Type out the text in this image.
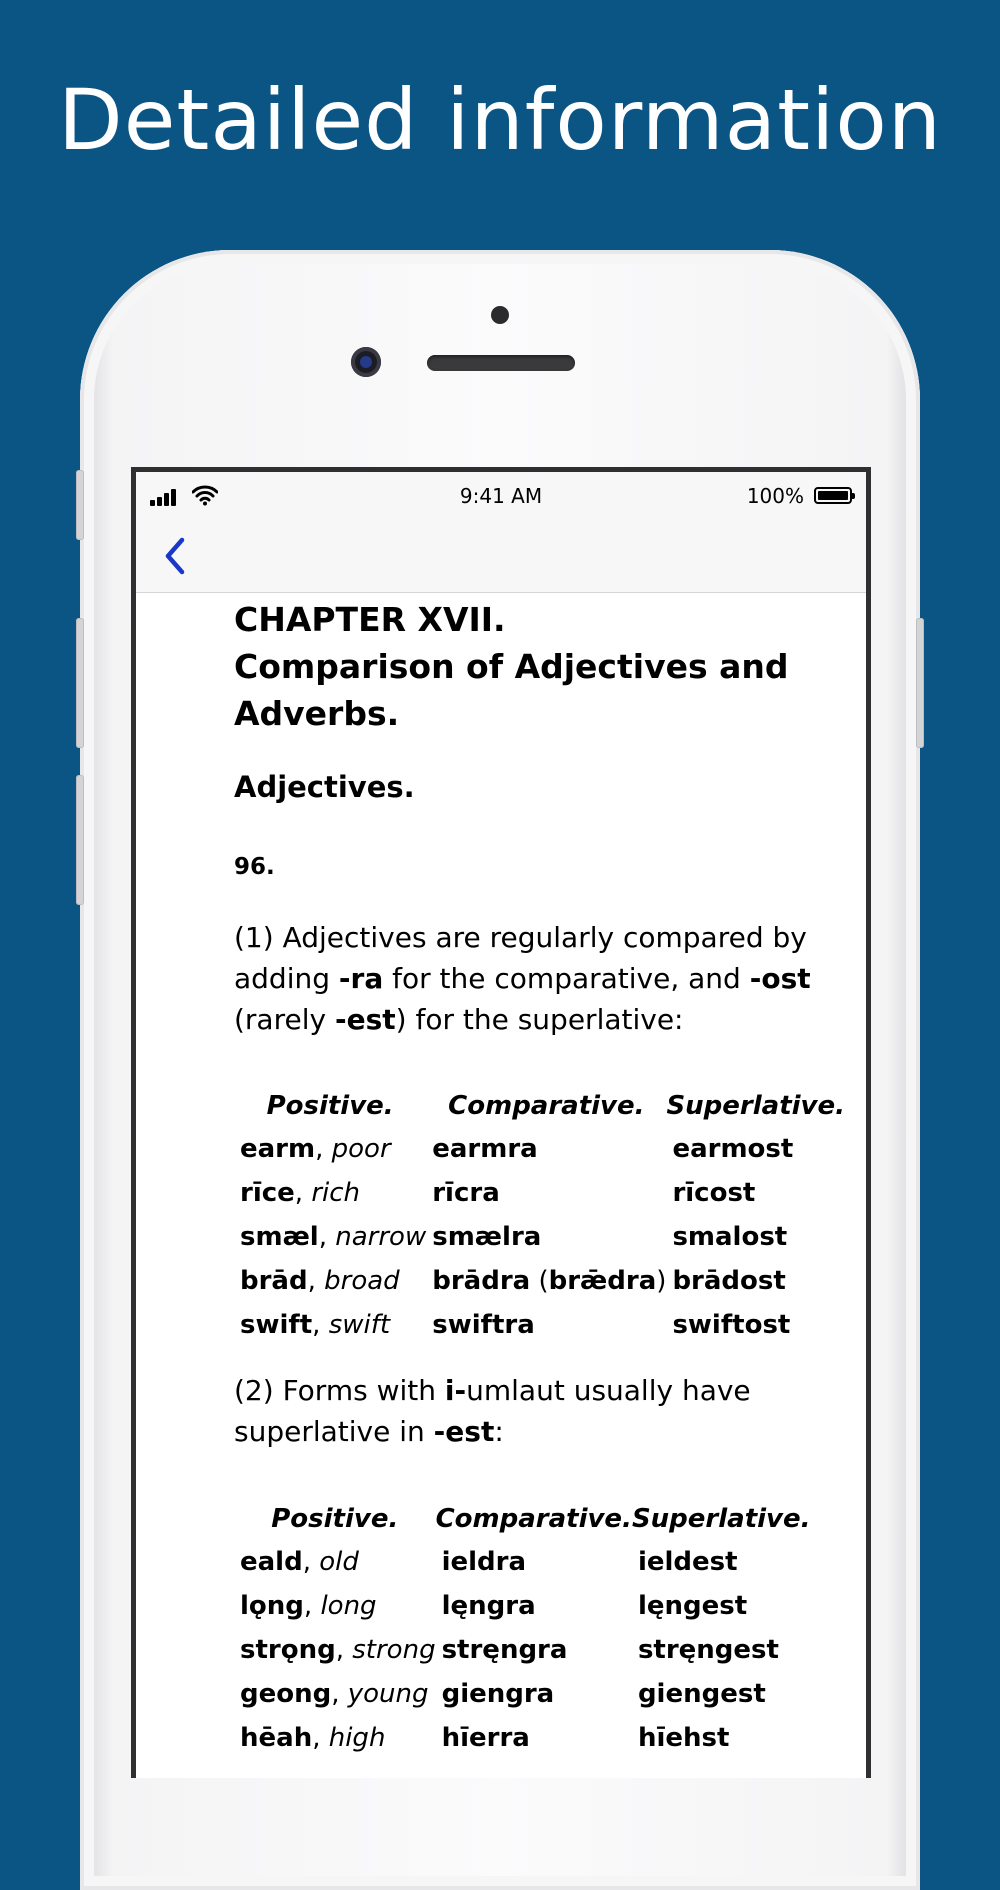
Detailed information
9:41 AM	100%
CHAPTER XVII.
Comparison of Adjectives and Adverbs.
Adjectives.
96.

(1) Adjectives are regularly compared by adding -ra for the comparative, and -ost (rarely -est) for the superlative:

Positive.	Comparative.	Superlative.
earm, poor	earmra	earmost
rīce, rich	rīcra	rīcost
smæl, narrow	smælra	smalost
brād, broad	brādra (brǣdra)	brādost
swift, swift	swiftra	swiftost

(2) Forms with i-umlaut usually have superlative in -est:

Positive.	Comparative.	Superlative.
eald, old	ieldra	ieldest
lǫng, long	lęngra	lęngest
strǫng, strong	stręngra	stręngest
geong, young	giengra	giengest
hēah, high	hīerra	hīehst
